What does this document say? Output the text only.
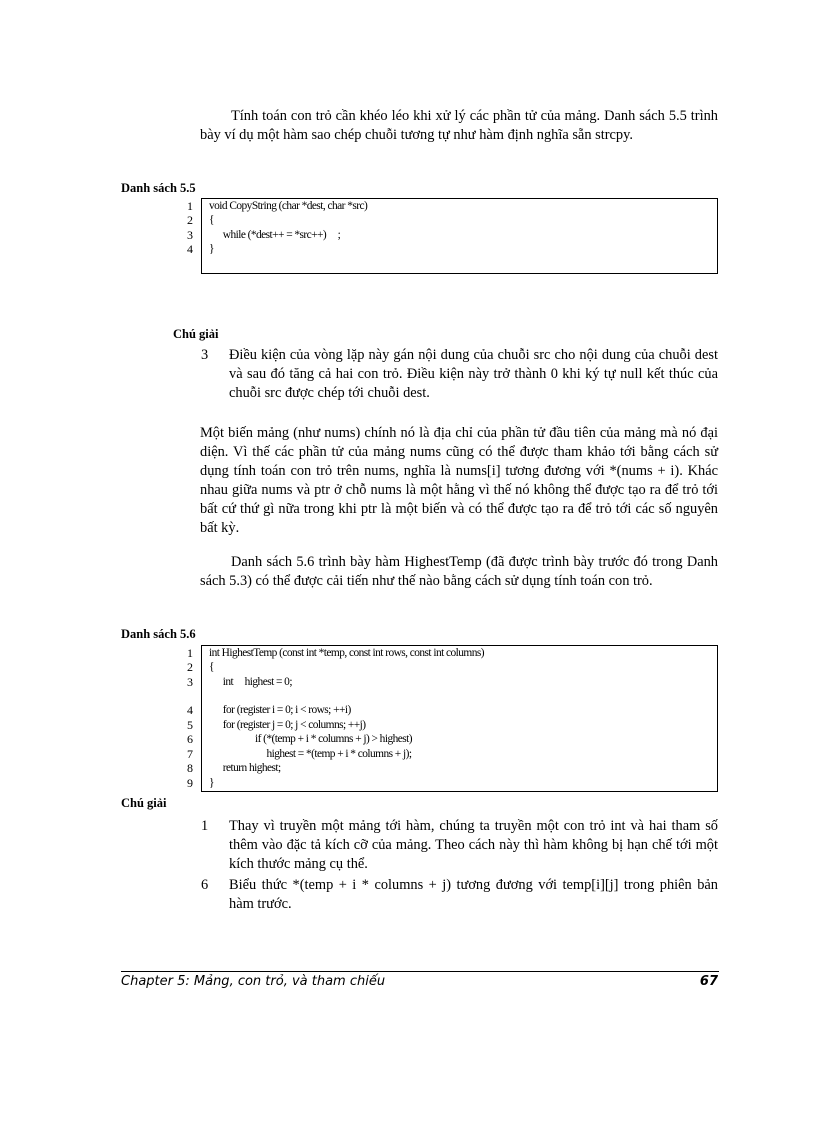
Tính toán con trỏ cần khéo léo khi xử lý các phần tử của mảng. Danh sách 5.5 trình bày ví dụ một hàm sao chép chuỗi tương tự như hàm định nghĩa sẵn strcpy.
Danh sách 5.5
1
2
3
4
void CopyString (char *dest, char *src)
{
while (*dest++ = *src++)     ;
}
Chú giải
3 Điều kiện của vòng lặp này gán nội dung của chuỗi src cho nội dung của chuỗi dest và sau đó tăng cả hai con trỏ. Điều kiện này trở thành 0 khi ký tự null kết thúc của chuỗi src được chép tới chuỗi dest.
Một biến mảng (như nums) chính nó là địa chỉ của phần tử đầu tiên của mảng mà nó đại diện. Vì thế các phần tử của mảng nums cũng có thể được tham khảo tới bằng cách sử dụng tính toán con trỏ trên nums, nghĩa là nums[i] tương đương với *(nums + i). Khác nhau giữa nums và ptr ở chỗ nums là một hằng vì thế nó không thể được tạo ra để trỏ tới bất cứ thứ gì nữa trong khi ptr là một biến và có thể được tạo ra để trỏ tới các số nguyên bất kỳ.
Danh sách 5.6 trình bày hàm HighestTemp (đã được trình bày trước đó trong Danh sách 5.3) có thể được cải tiến như thế nào bằng cách sử dụng tính toán con trỏ.
Danh sách 5.6
1
2
3
4
5
6
7
8
9
int HighestTemp (const int *temp, const int rows, const int columns)
{
int     highest = 0;
for (register i = 0; i < rows; ++i)
for (register j = 0; j < columns; ++j)
if (*(temp + i * columns + j) > highest)
highest = *(temp + i * columns + j);
return highest;
}
Chú giải
1 Thay vì truyền một mảng tới hàm, chúng ta truyền một con trỏ int và hai tham số thêm vào đặc tả kích cỡ của mảng. Theo cách này thì hàm không bị hạn chế tới một kích thước mảng cụ thể.
6 Biểu thức *(temp + i * columns + j) tương đương với temp[i][j] trong phiên bản hàm trước.
Chapter 5: Mảng, con trỏ, và tham chiếu	67
